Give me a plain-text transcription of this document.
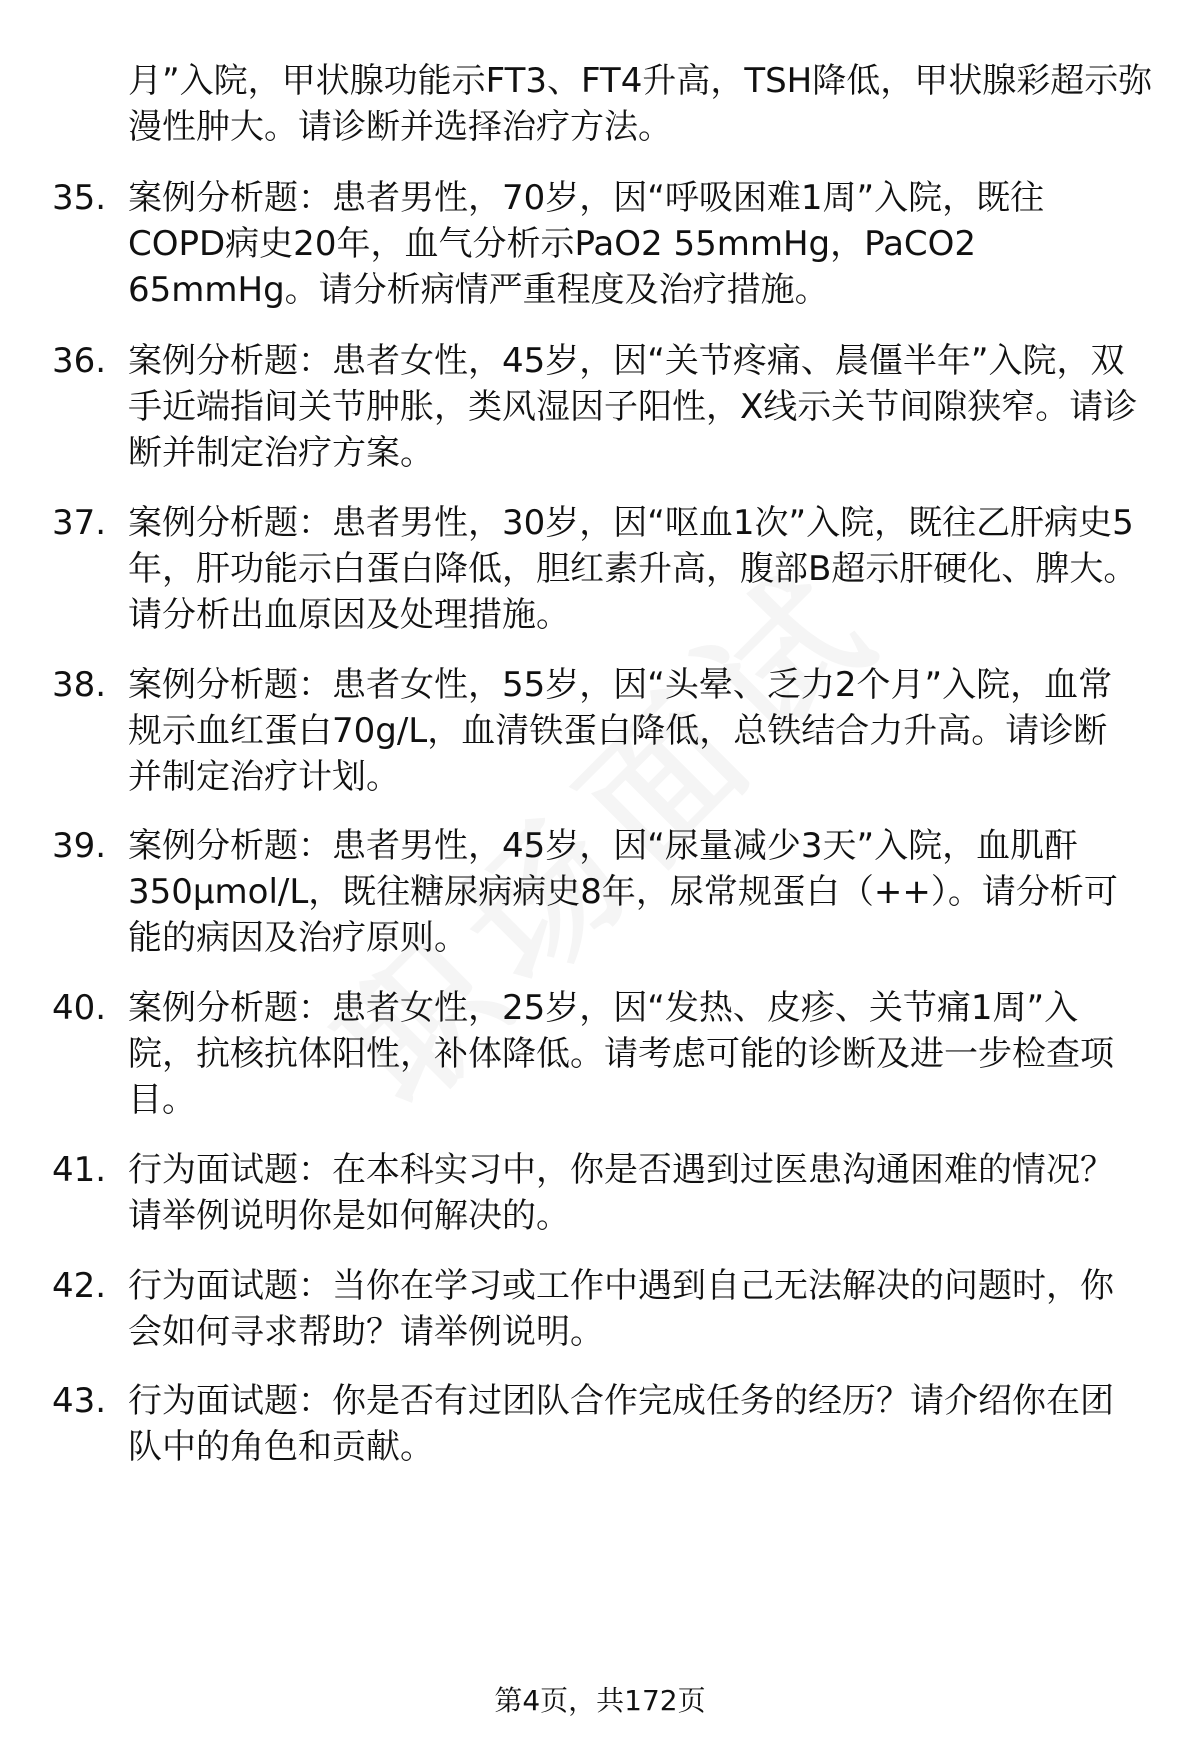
月”入院，甲状腺功能示FT3、FT4升高，TSH降低，甲状腺彩超示弥漫性肿大。请诊断并选择治疗方法。
35. 案例分析题：患者男性，70岁，因“呼吸困难1周”入院，既往COPD病史20年，血气分析示PaO2 55mmHg，PaCO2 65mmHg。请分析病情严重程度及治疗措施。
36. 案例分析题：患者女性，45岁，因“关节疼痛、晨僵半年”入院，双手近端指间关节肿胀，类风湿因子阳性，X线示关节间隙狭窄。请诊断并制定治疗方案。
37. 案例分析题：患者男性，30岁，因“呕血1次”入院，既往乙肝病史5年，肝功能示白蛋白降低，胆红素升高，腹部B超示肝硬化、脾大。请分析出血原因及处理措施。
38. 案例分析题：患者女性，55岁，因“头晕、乏力2个月”入院，血常规示血红蛋白70g/L，血清铁蛋白降低，总铁结合力升高。请诊断并制定治疗计划。
39. 案例分析题：患者男性，45岁，因“尿量减少3天”入院，血肌酐350μmol/L，既往糖尿病病史8年，尿常规蛋白（++）。请分析可能的病因及治疗原则。
40. 案例分析题：患者女性，25岁，因“发热、皮疹、关节痛1周”入院，抗核抗体阳性，补体降低。请考虑可能的诊断及进一步检查项目。
41. 行为面试题：在本科实习中，你是否遇到过医患沟通困难的情况？请举例说明你是如何解决的。
42. 行为面试题：当你在学习或工作中遇到自己无法解决的问题时，你会如何寻求帮助？请举例说明。
43. 行为面试题：你是否有过团队合作完成任务的经历？请介绍你在团队中的角色和贡献。
第4页，共172页
